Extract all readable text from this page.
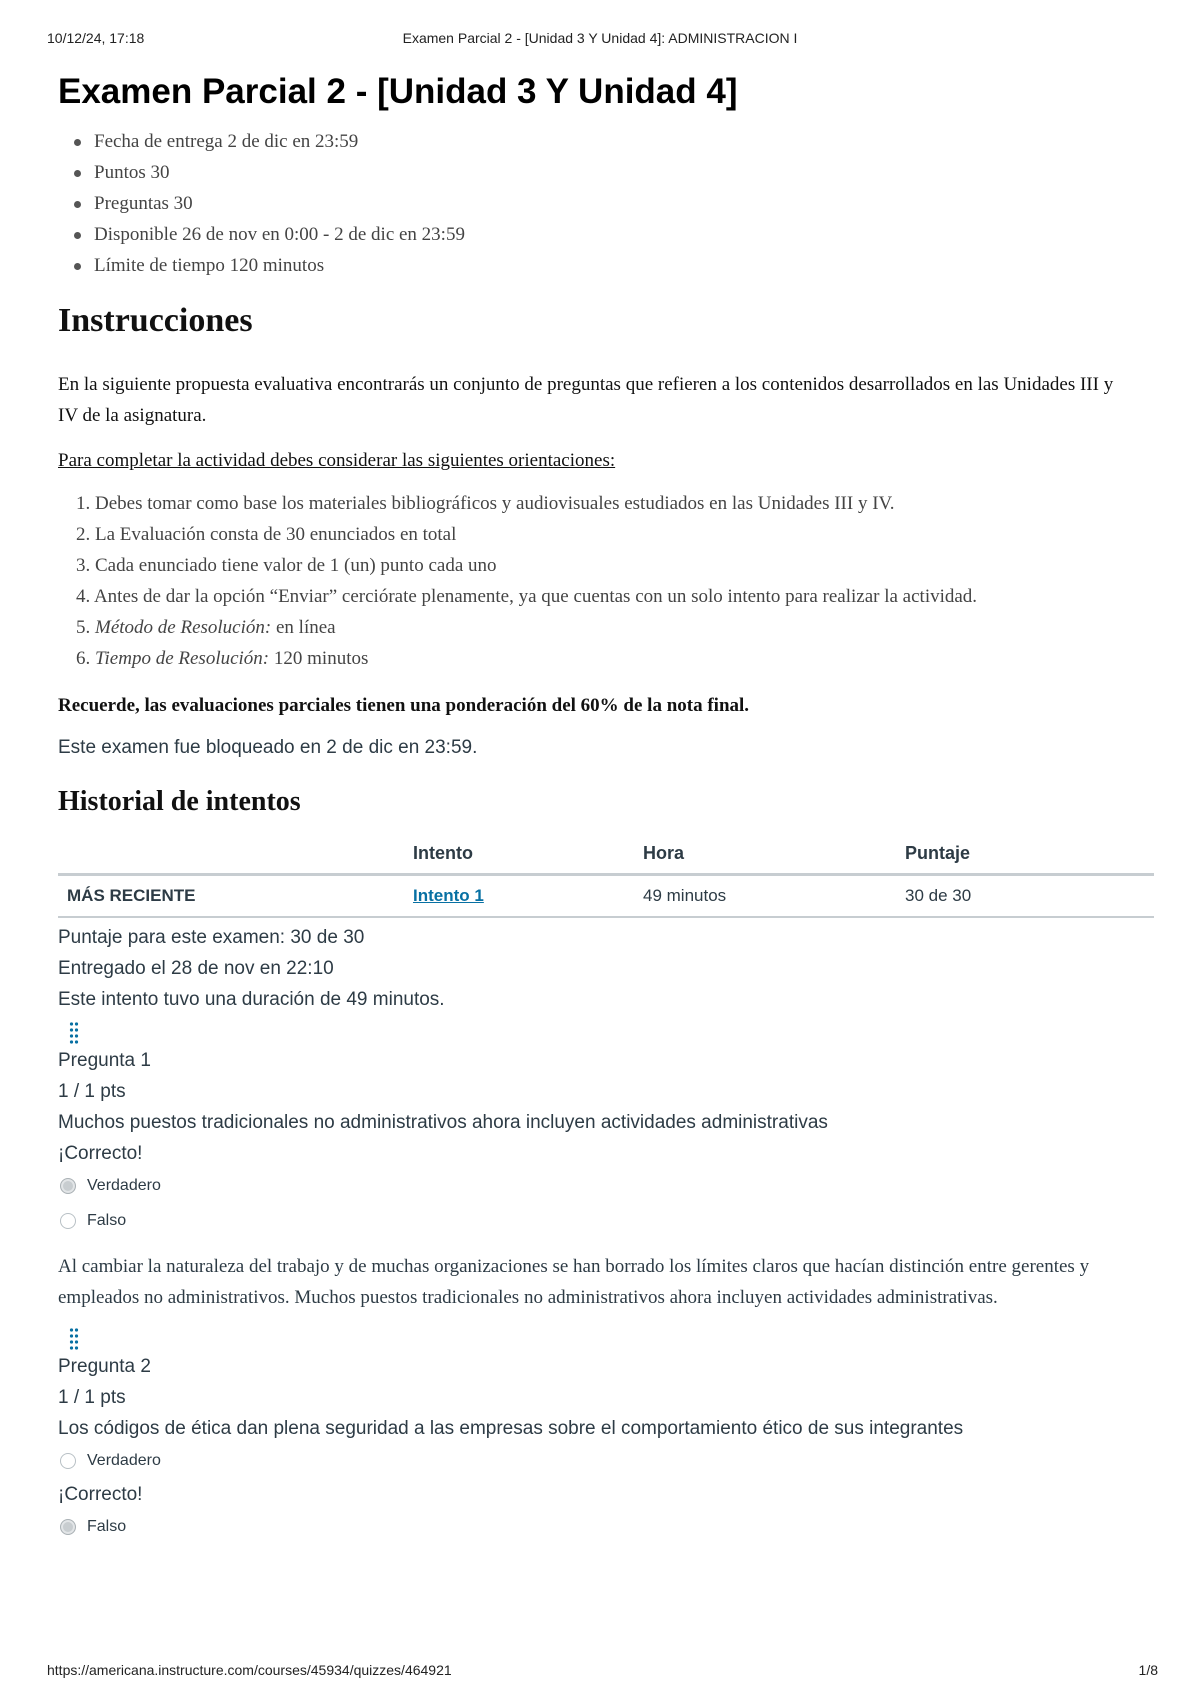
10/12/24, 17:18	Examen Parcial 2 - [Unidad 3 Y Unidad 4]: ADMINISTRACION I
Examen Parcial 2 - [Unidad 3 Y Unidad 4]
Fecha de entrega 2 de dic en 23:59
Puntos 30
Preguntas 30
Disponible 26 de nov en 0:00 - 2 de dic en 23:59
Límite de tiempo 120 minutos
Instrucciones

En la siguiente propuesta evaluativa encontrarás un conjunto de preguntas que refieren a los contenidos desarrollados en las Unidades III y IV de la asignatura.

Para completar la actividad debes considerar las siguientes orientaciones:

1. Debes tomar como base los materiales bibliográficos y audiovisuales estudiados en las Unidades III y IV.
2. La Evaluación consta de 30 enunciados en total
3. Cada enunciado tiene valor de 1 (un) punto cada uno
4. Antes de dar la opción “Enviar” cerciórate plenamente, ya que cuentas con un solo intento para realizar la actividad.
5. Método de Resolución: en línea
6. Tiempo de Resolución: 120 minutos

Recuerde, las evaluaciones parciales tienen una ponderación del 60% de la nota final.

Este examen fue bloqueado en 2 de dic en 23:59.

Historial de intentos
	Intento	Hora	Puntaje
MÁS RECIENTE	Intento 1	49 minutos	30 de 30

Puntaje para este examen: 30 de 30

Entregado el 28 de nov en 22:10

Este intento tuvo una duración de 49 minutos.

Pregunta 1
1 / 1 pts
Muchos puestos tradicionales no administrativos ahora incluyen actividades administrativas
¡Correcto!
Verdadero
Falso

Al cambiar la naturaleza del trabajo y de muchas organizaciones se han borrado los límites claros que hacían distinción entre gerentes y empleados no administrativos. Muchos puestos tradicionales no administrativos ahora incluyen actividades administrativas.

Pregunta 2
1 / 1 pts
Los códigos de ética dan plena seguridad a las empresas sobre el comportamiento ético de sus integrantes
Verdadero
¡Correcto!
Falso
https://americana.instructure.com/courses/45934/quizzes/464921	1/8
